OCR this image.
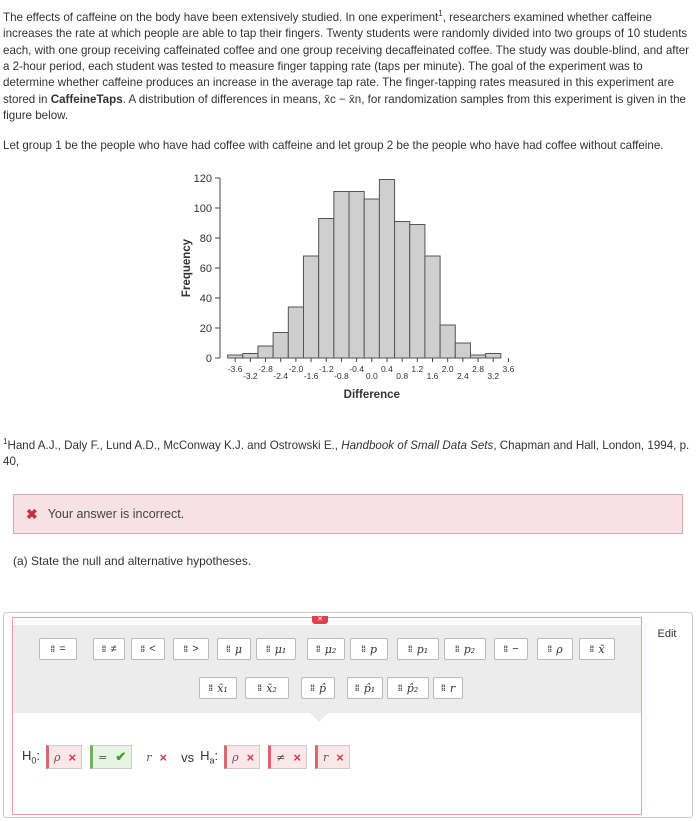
The effects of caffeine on the body have been extensively studied. In one experiment$^1$, researchers examined whether caffeine increases the rate at which people are able to tap their fingers. Twenty students were randomly divided into two groups of 10 students each, with one group receiving caffeinated coffee and one group receiving decaffeinated coffee. The study was double-blind, and after a 2-hour period, each student was tested to measure finger tapping rate (taps per minute). The goal of the experiment was to determine whether caffeine produces an increase in the average tap rate. The finger-tapping rates measured in this experiment are stored in CaffeineTaps. A distribution of differences in means, x̄c − x̄n, for randomization samples from this experiment is given in the figure below.
Let group 1 be the people who have had coffee with caffeine and let group 2 be the people who have had coffee without caffeine.
0
20
40
60
80
100
120
-3.6 -2.8 -2.0 -1.2 -0.4 0.4 1.2 2.0 2.8 3.6
-3.2 -2.4 -1.6 -0.8 0.0 0.8 1.6 2.4 3.2
Difference
Frequency
$^1$Hand A.J., Daly F., Lund A.D., McConway K.J. and Ostrowski E., Handbook of Small Data Sets, Chapman and Hall, London, 1994, p. 40,
✖ Your answer is incorrect.
(a) State the null and alternative hypotheses.
✕
⁞⁞ =	⁞⁞ ≠	⁞⁞ <	⁞⁞ >	⁞⁞ μ	⁞⁞ μ₁	⁞⁞ μ₂	⁞⁞ p	⁞⁞ p₁	⁞⁞ p₂	⁞⁞ −	⁞⁞ ρ	⁞⁞ x̄
⁞⁞ x̄₁	⁞⁞ x̄₂	⁞⁞ p̂	⁞⁞ p̂₁	⁞⁞ p̂₂	⁞⁞ r
Edit
$H_0$: ρ × = ✔ r × vs $H_a$: ρ × ≠ × r ×
